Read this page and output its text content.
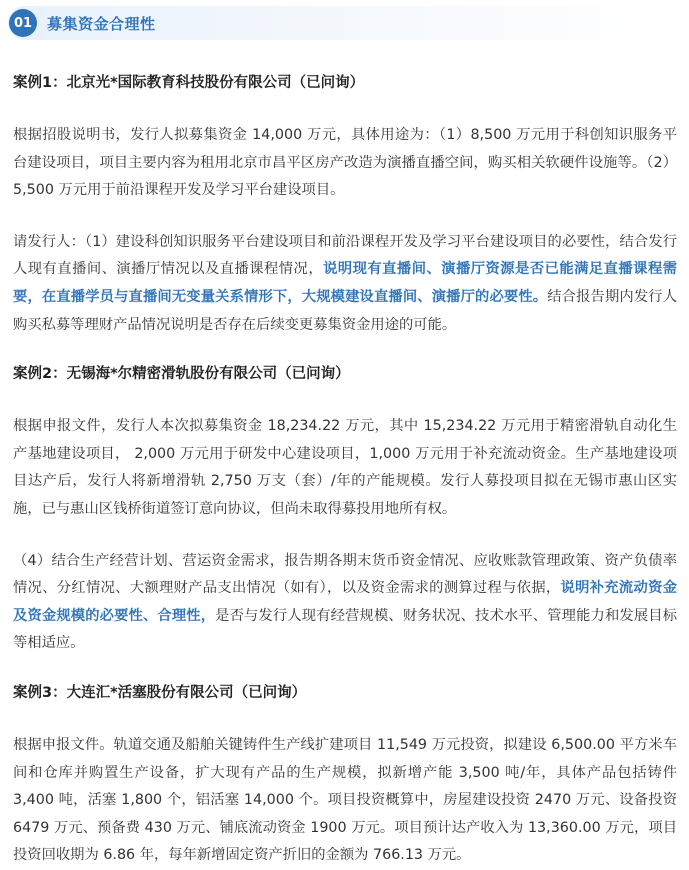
01 募集资金合理性
案例1：北京光*国际教育科技股份有限公司（已问询）

根据招股说明书，发行人拟募集资金 14,000 万元，具体用途为：（1）8,500 万元用于科创知识服务平台建设项目，项目主要内容为租用北京市昌平区房产改造为演播直播空间，购买相关软硬件设施等。（2）5,500 万元用于前沿课程开发及学习平台建设项目。

请发行人：（1）建设科创知识服务平台建设项目和前沿课程开发及学习平台建设项目的必要性，结合发行人现有直播间、演播厅情况以及直播课程情况，说明现有直播间、演播厅资源是否已能满足直播课程需要，在直播学员与直播间无变量关系情形下，大规模建设直播间、演播厅的必要性。结合报告期内发行人购买私募等理财产品情况说明是否存在后续变更募集资金用途的可能。

案例2：无锡海*尔精密滑轨股份有限公司（已问询）

根据申报文件，发行人本次拟募集资金 18,234.22 万元，其中 15,234.22 万元用于精密滑轨自动化生产基地建设项目， 2,000 万元用于研发中心建设项目，1,000 万元用于补充流动资金。生产基地建设项目达产后，发行人将新增滑轨 2,750 万支（套）/年的产能规模。发行人募投项目拟在无锡市惠山区实施，已与惠山区钱桥街道签订意向协议，但尚未取得募投用地所有权。

（4）结合生产经营计划、营运资金需求，报告期各期末货币资金情况、应收账款管理政策、资产负债率情况、分红情况、大额理财产品支出情况（如有），以及资金需求的测算过程与依据，说明补充流动资金及资金规模的必要性、合理性，是否与发行人现有经营规模、财务状况、技术水平、管理能力和发展目标等相适应。

案例3：大连汇*活塞股份有限公司（已问询）

根据申报文件。轨道交通及船舶关键铸件生产线扩建项目 11,549 万元投资，拟建设 6,500.00 平方米车间和仓库并购置生产设备，扩大现有产品的生产规模，拟新增产能 3,500 吨/年，具体产品包括铸件 3,400 吨，活塞 1,800 个，铝活塞 14,000 个。项目投资概算中，房屋建设投资 2470 万元、设备投资 6479 万元、预备费 430 万元、铺底流动资金 1900 万元。项目预计达产收入为 13,360.00 万元，项目投资回收期为 6.86 年，每年新增固定资产折旧的金额为 766.13 万元。
